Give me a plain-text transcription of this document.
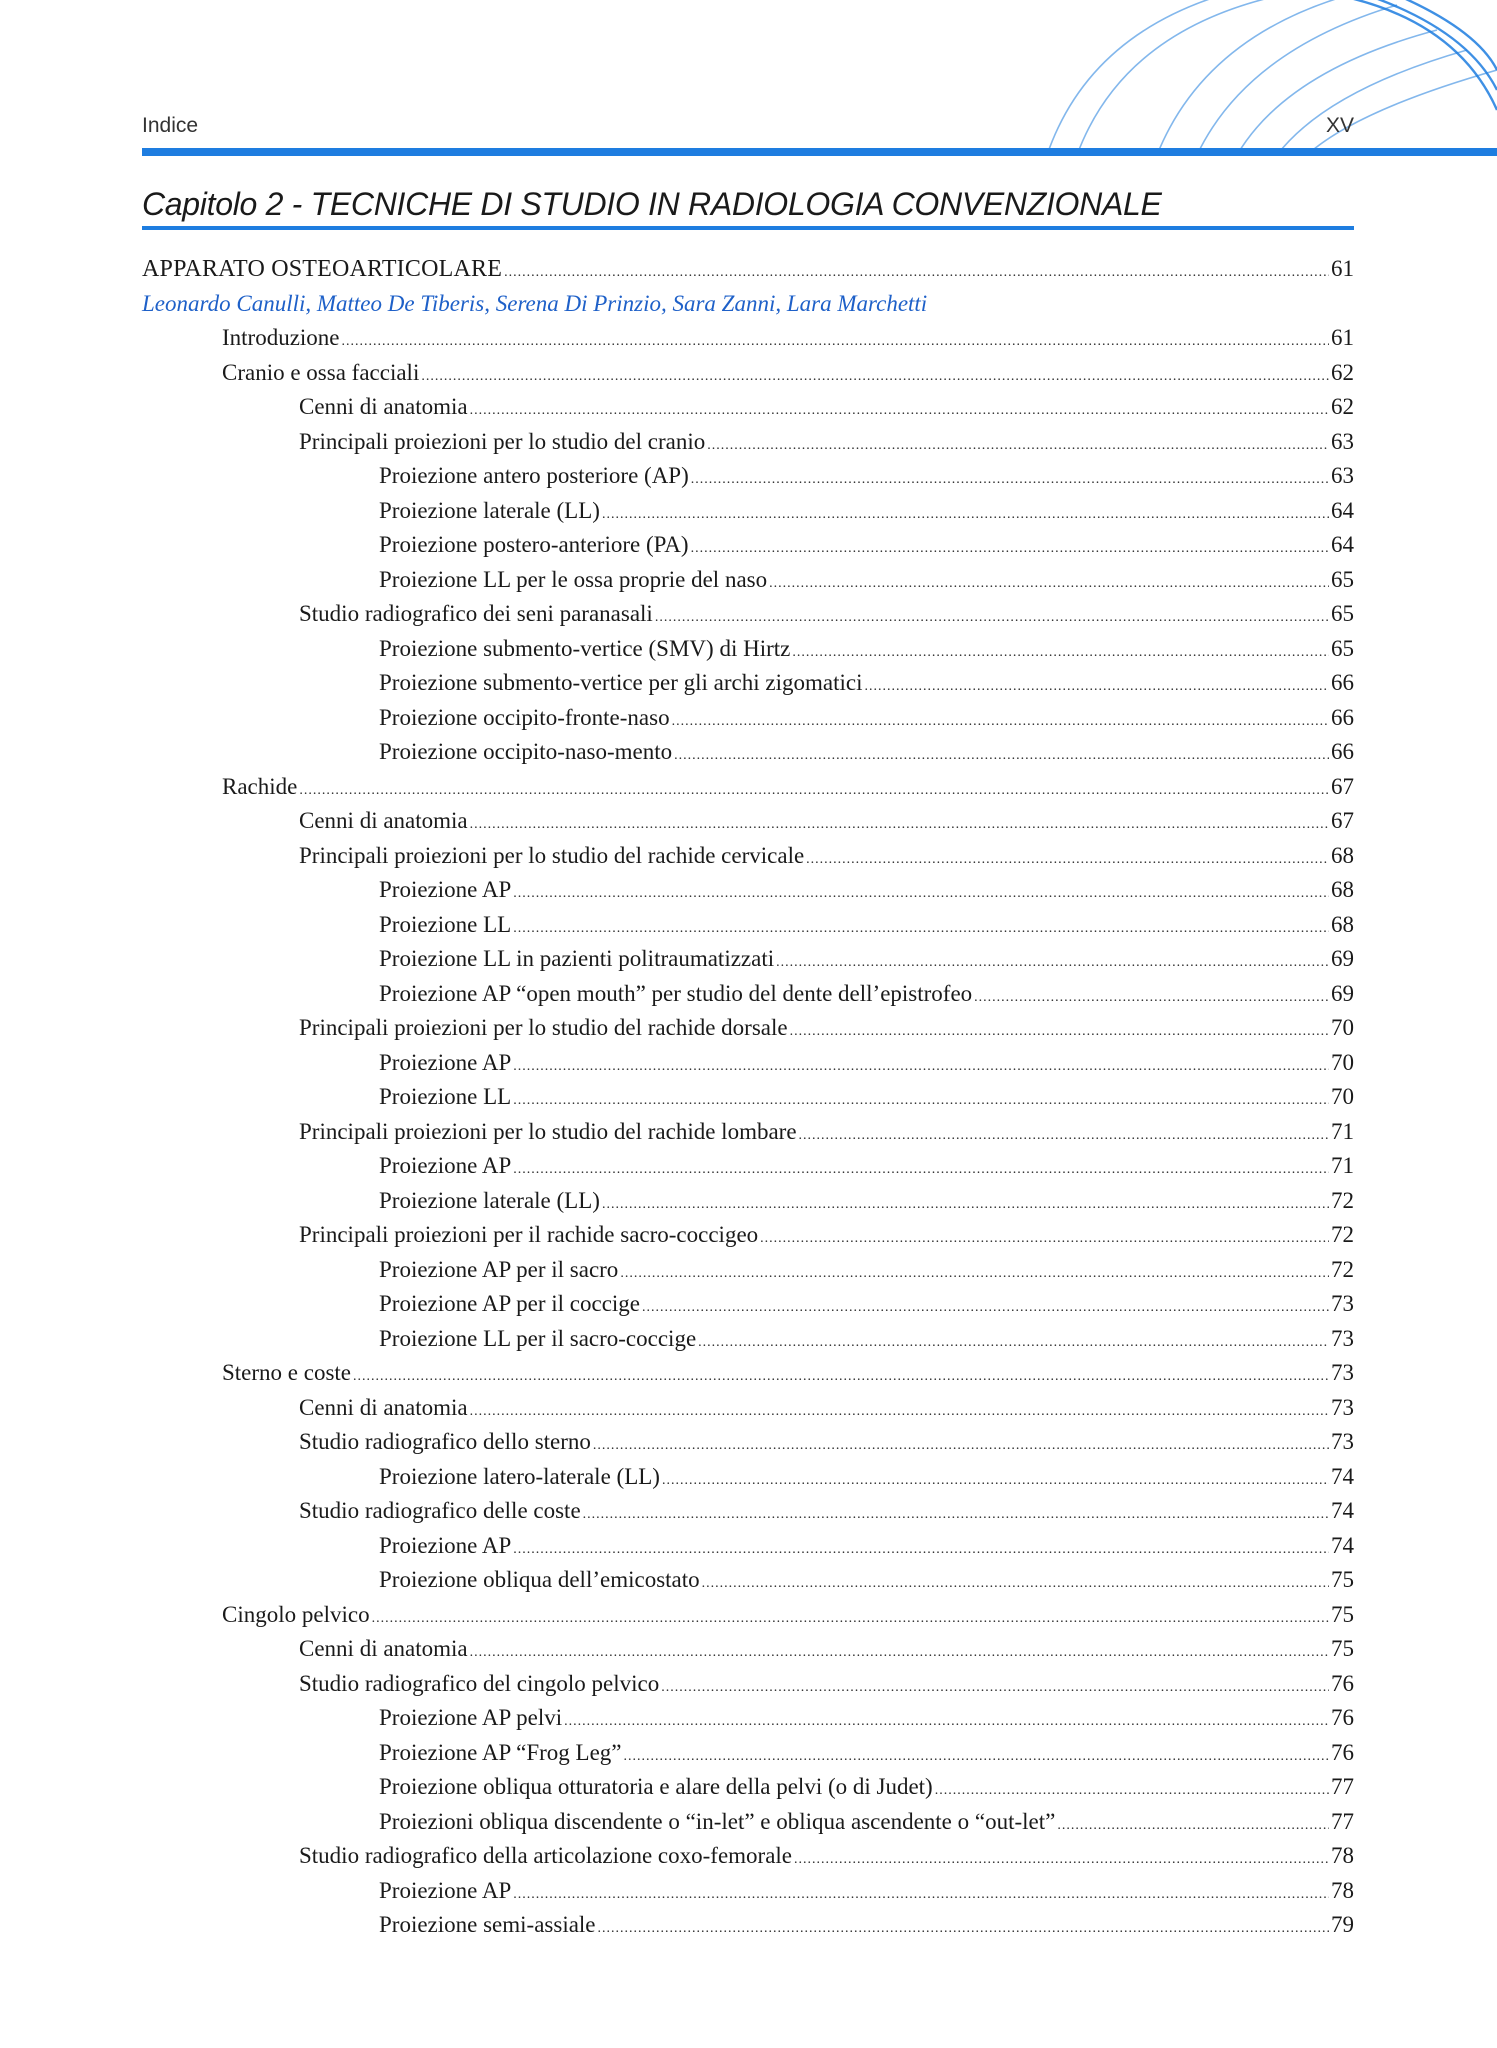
Indice	XV
Capitolo 2 - TECNICHE DI STUDIO IN RADIOLOGIA CONVENZIONALE
APPARATO OSTEOARTICOLARE .....	61
Leonardo Canulli, Matteo De Tiberis, Serena Di Prinzio, Sara Zanni, Lara Marchetti
Introduzione .....	61
Cranio e ossa facciali .....	62
Cenni di anatomia .....	62
Principali proiezioni per lo studio del cranio .....	63
Proiezione antero posteriore (AP) .....	63
Proiezione laterale (LL) .....	64
Proiezione postero-anteriore (PA) .....	64
Proiezione LL per le ossa proprie del naso .....	65
Studio radiografico dei seni paranasali .....	65
Proiezione submento-vertice (SMV) di Hirtz .....	65
Proiezione submento-vertice per gli archi zigomatici .....	66
Proiezione occipito-fronte-naso .....	66
Proiezione occipito-naso-mento .....	66
Rachide .....	67
Cenni di anatomia .....	67
Principali proiezioni per lo studio del rachide cervicale .....	68
Proiezione AP .....	68
Proiezione LL .....	68
Proiezione LL in pazienti politraumatizzati .....	69
Proiezione AP “open mouth” per studio del dente dell’epistrofeo .....	69
Principali proiezioni per lo studio del rachide dorsale .....	70
Proiezione AP .....	70
Proiezione LL .....	70
Principali proiezioni per lo studio del rachide lombare .....	71
Proiezione AP .....	71
Proiezione laterale (LL) .....	72
Principali proiezioni per il rachide sacro-coccigeo .....	72
Proiezione AP per il sacro .....	72
Proiezione AP per il coccige .....	73
Proiezione LL per il sacro-coccige .....	73
Sterno e coste .....	73
Cenni di anatomia .....	73
Studio radiografico dello sterno .....	73
Proiezione latero-laterale (LL) .....	74
Studio radiografico delle coste .....	74
Proiezione AP .....	74
Proiezione obliqua dell’emicostato .....	75
Cingolo pelvico .....	75
Cenni di anatomia .....	75
Studio radiografico del cingolo pelvico .....	76
Proiezione AP pelvi .....	76
Proiezione AP “Frog Leg” .....	76
Proiezione obliqua otturatoria e alare della pelvi (o di Judet) .....	77
Proiezioni obliqua discendente o “in-let” e obliqua ascendente o “out-let” .....	77
Studio radiografico della articolazione coxo-femorale .....	78
Proiezione AP .....	78
Proiezione semi-assiale .....	79
